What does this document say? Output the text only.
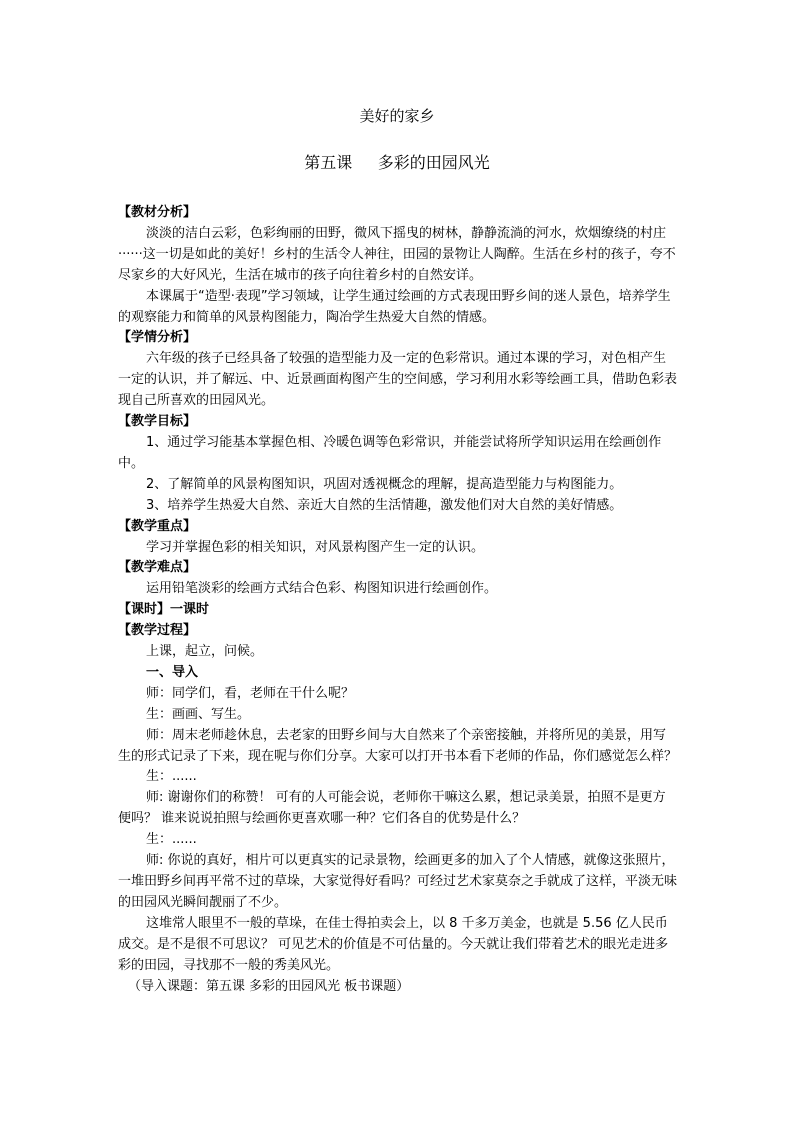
美好的家乡
第五课     多彩的田园风光

【教材分析】

淡淡的洁白云彩，色彩绚丽的田野，微风下摇曳的树林，静静流淌的河水，炊烟缭绕的村庄······这一切是如此的美好！乡村的生活令人神往，田园的景物让人陶醉。生活在乡村的孩子，夸不尽家乡的大好风光，生活在城市的孩子向往着乡村的自然安详。

本课属于“造型·表现”学习领域，让学生通过绘画的方式表现田野乡间的迷人景色，培养学生的观察能力和简单的风景构图能力，陶冶学生热爱大自然的情感。

【学情分析】

六年级的孩子已经具备了较强的造型能力及一定的色彩常识。通过本课的学习，对色相产生一定的认识，并了解远、中、近景画面构图产生的空间感，学习利用水彩等绘画工具，借助色彩表现自己所喜欢的田园风光。

【教学目标】

1、通过学习能基本掌握色相、冷暖色调等色彩常识，并能尝试将所学知识运用在绘画创作中。

2、了解简单的风景构图知识，巩固对透视概念的理解，提高造型能力与构图能力。

3、培养学生热爱大自然、亲近大自然的生活情趣，激发他们对大自然的美好情感。

【教学重点】

学习并掌握色彩的相关知识，对风景构图产生一定的认识。

【教学难点】

运用铅笔淡彩的绘画方式结合色彩、构图知识进行绘画创作。

【课时】一课时

【教学过程】

上课，起立，问候。

一、导入

师：同学们，看，老师在干什么呢？

生：画画、写生。

师：周末老师趁休息，去老家的田野乡间与大自然来了个亲密接触，并将所见的美景，用写生的形式记录了下来，现在呢与你们分享。大家可以打开书本看下老师的作品，你们感觉怎么样？

生：......

师: 谢谢你们的称赞！ 可有的人可能会说，老师你干嘛这么累，想记录美景，拍照不是更方便吗？ 谁来说说拍照与绘画你更喜欢哪一种？它们各自的优势是什么？

生：......

师: 你说的真好，相片可以更真实的记录景物，绘画更多的加入了个人情感，就像这张照片，一堆田野乡间再平常不过的草垛，大家觉得好看吗？可经过艺术家莫奈之手就成了这样，平淡无味的田园风光瞬间靓丽了不少。

这堆常人眼里不一般的草垛，在佳士得拍卖会上，以 8 千多万美金，也就是 5.56 亿人民币成交。是不是很不可思议？ 可见艺术的价值是不可估量的。今天就让我们带着艺术的眼光走进多彩的田园，寻找那不一般的秀美风光。

（导入课题：第五课 多彩的田园风光 板书课题）
